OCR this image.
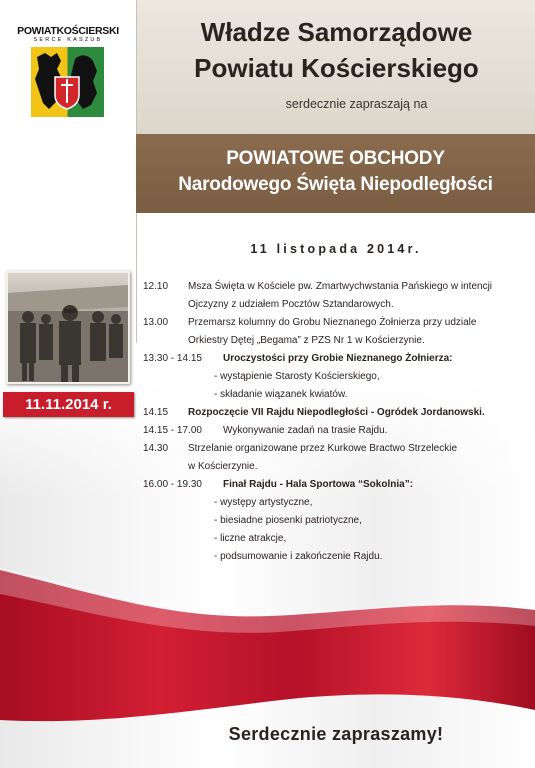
POWIATKOŚCIERSKI
SERCE KASZUB	Władze Samorządowe
Powiatu Kościerskiego
serdecznie zapraszają na
POWIATOWE OBCHODY
Narodowego Święta Niepodległości
11 listopada 2014r.
11.11.2014 r.
12.10 Msza Święta w Kościele pw. Zmartwychwstania Pańskiego w intencji
Ojczyzny z udziałem Pocztów Sztandarowych.
13.00 Przemarsz kolumny do Grobu Nieznanego Żołnierza przy udziale
Orkiestry Dętej „Begama” z PZS Nr 1 w Kościerzynie.
13.30 - 14.15 Uroczystości przy Grobie Nieznanego Żołnierza:
- wystąpienie Starosty Kościerskiego,
- składanie wiązanek kwiatów.
14.15 Rozpoczęcie VII Rajdu Niepodległości - Ogródek Jordanowski.
14.15 - 17.00 Wykonywanie zadań na trasie Rajdu.
14.30 Strzelanie organizowane przez Kurkowe Bractwo Strzeleckie
w Kościerzynie.
16.00 - 19.30 Finał Rajdu - Hala Sportowa “Sokolnia”:
- występy artystyczne,
- biesiadne piosenki patriotyczne,
- liczne atrakcje,
- podsumowanie i zakończenie Rajdu.
Serdecznie zapraszamy!
